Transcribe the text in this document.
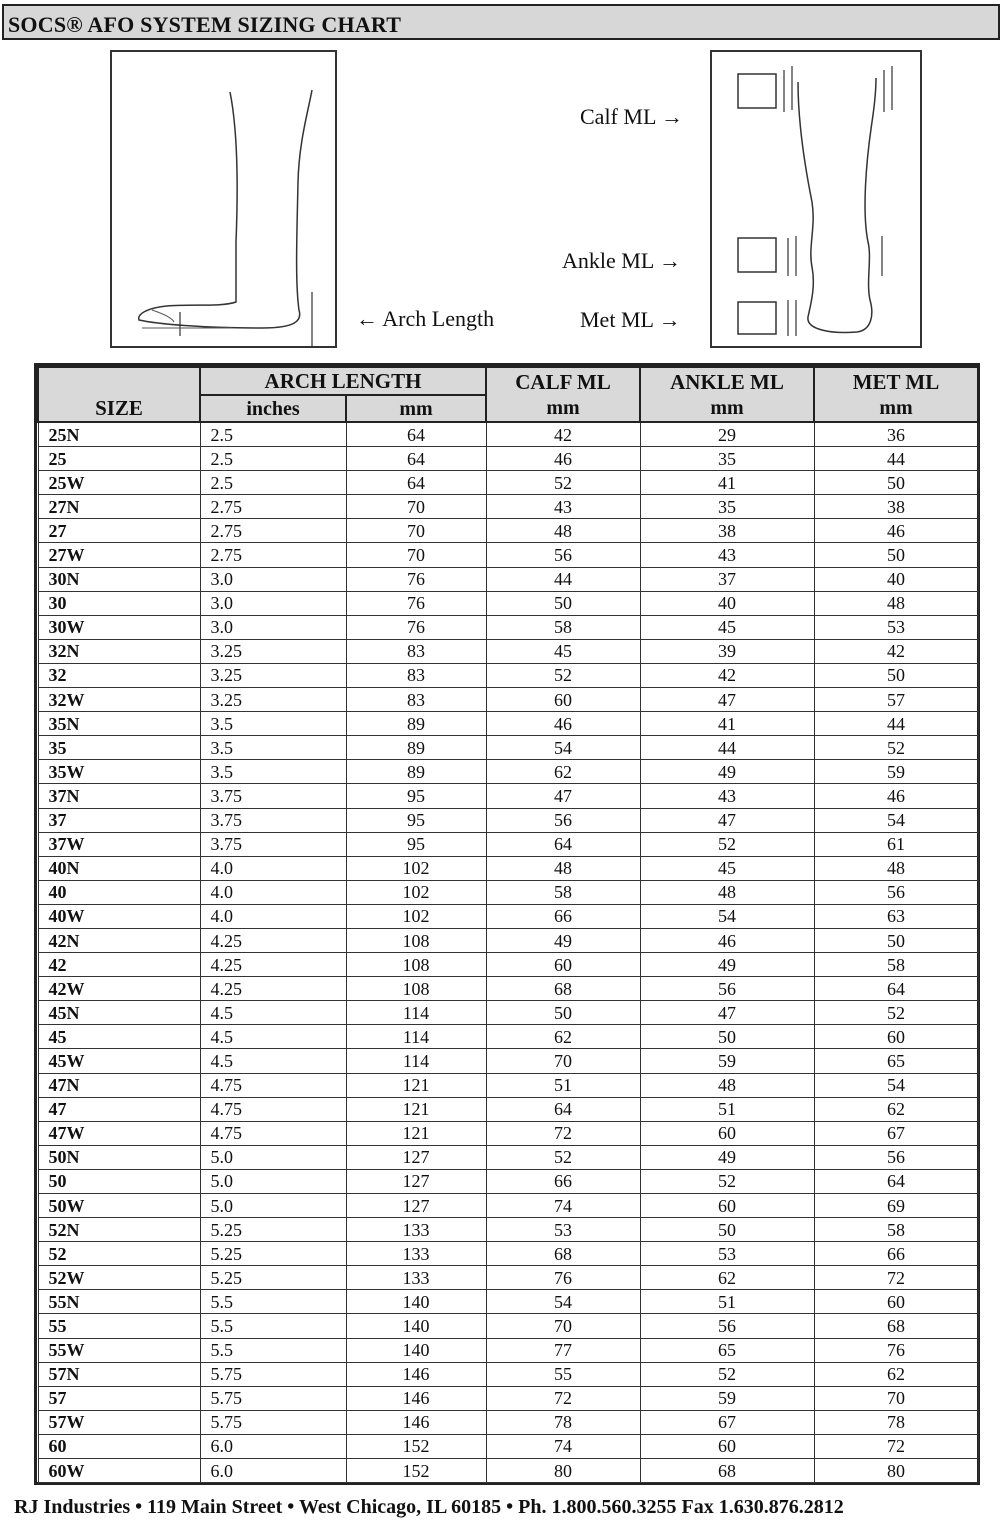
SOCS® AFO SYSTEM SIZING CHART
← Arch Length
Calf ML →
Ankle ML →
Met ML →
	ARCH LENGTH		CALF ML	ANKLE ML	MET ML
SIZE	inches	mm	mm	mm	mm
25N	2.5	64	42	29	36
25	2.5	64	46	35	44
25W	2.5	64	52	41	50
27N	2.75	70	43	35	38
27	2.75	70	48	38	46
27W	2.75	70	56	43	50
30N	3.0	76	44	37	40
30	3.0	76	50	40	48
30W	3.0	76	58	45	53
32N	3.25	83	45	39	42
32	3.25	83	52	42	50
32W	3.25	83	60	47	57
35N	3.5	89	46	41	44
35	3.5	89	54	44	52
35W	3.5	89	62	49	59
37N	3.75	95	47	43	46
37	3.75	95	56	47	54
37W	3.75	95	64	52	61
40N	4.0	102	48	45	48
40	4.0	102	58	48	56
40W	4.0	102	66	54	63
42N	4.25	108	49	46	50
42	4.25	108	60	49	58
42W	4.25	108	68	56	64
45N	4.5	114	50	47	52
45	4.5	114	62	50	60
45W	4.5	114	70	59	65
47N	4.75	121	51	48	54
47	4.75	121	64	51	62
47W	4.75	121	72	60	67
50N	5.0	127	52	49	56
50	5.0	127	66	52	64
50W	5.0	127	74	60	69
52N	5.25	133	53	50	58
52	5.25	133	68	53	66
52W	5.25	133	76	62	72
55N	5.5	140	54	51	60
55	5.5	140	70	56	68
55W	5.5	140	77	65	76
57N	5.75	146	55	52	62
57	5.75	146	72	59	70
57W	5.75	146	78	67	78
60	6.0	152	74	60	72
60W	6.0	152	80	68	80
RJ Industries • 119 Main Street • West Chicago, IL 60185 • Ph. 1.800.560.3255 Fax 1.630.876.2812
